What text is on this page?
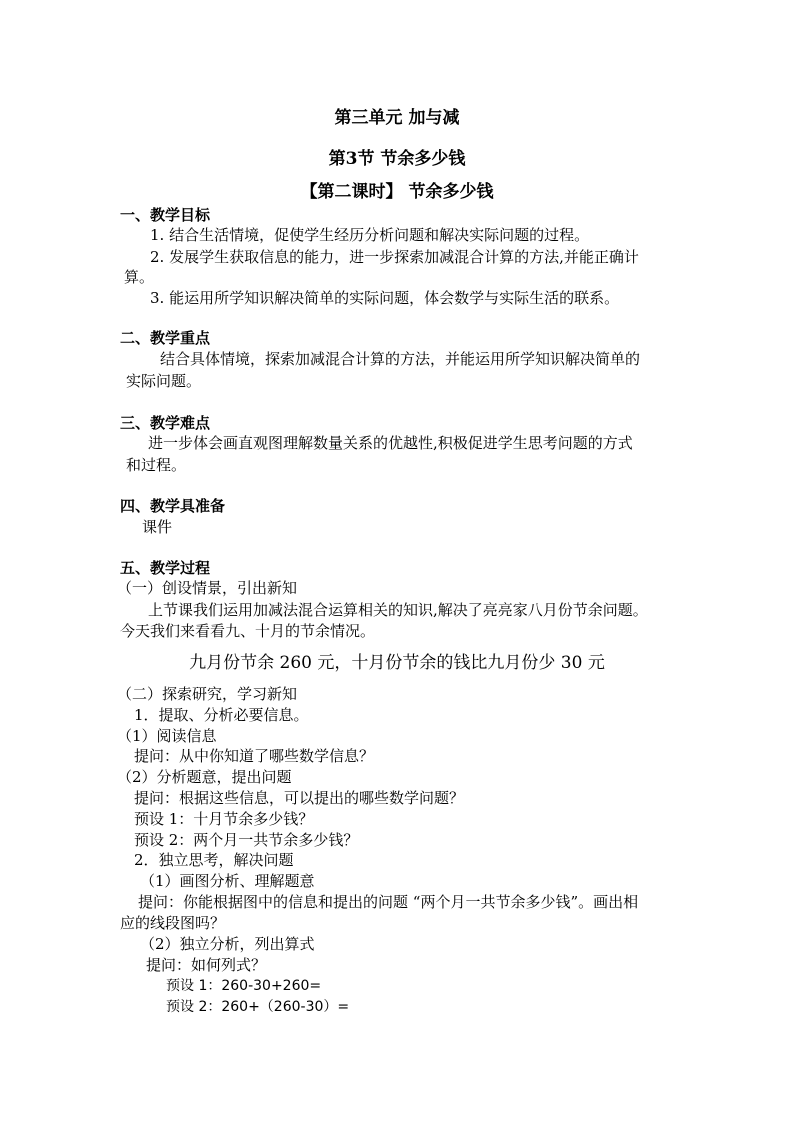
第三单元 加与减
第3节 节余多少钱
【第二课时】 节余多少钱
一、教学目标
1. 结合生活情境，促使学生经历分析问题和解决实际问题的过程。
2. 发展学生获取信息的能力，进一步探索加减混合计算的方法,并能正确计
算。
3. 能运用所学知识解决简单的实际问题，体会数学与实际生活的联系。
二、教学重点
结合具体情境，探索加减混合计算的方法，并能运用所学知识解决简单的
实际问题。
三、教学难点
进一步体会画直观图理解数量关系的优越性,积极促进学生思考问题的方式
和过程。
四、教学具准备
课件
五、教学过程
（一）创设情景，引出新知
上节课我们运用加减法混合运算相关的知识,解决了亮亮家八月份节余问题。
今天我们来看看九、十月的节余情况。
九月份节余 260 元，十月份节余的钱比九月份少 30 元
（二）探索研究，学习新知
1．提取、分析必要信息。
（1）阅读信息
提问：从中你知道了哪些数学信息？
（2）分析题意，提出问题
提问：根据这些信息，可以提出的哪些数学问题？
预设 1：十月节余多少钱？
预设 2：两个月一共节余多少钱？
2．独立思考，解决问题
（1）画图分析、理解题意
提问：你能根据图中的信息和提出的问题 “两个月一共节余多少钱”。画出相
应的线段图吗？
（2）独立分析，列出算式
提问：如何列式？
预设 1：260-30+260=
预设 2：260+（260-30）=
